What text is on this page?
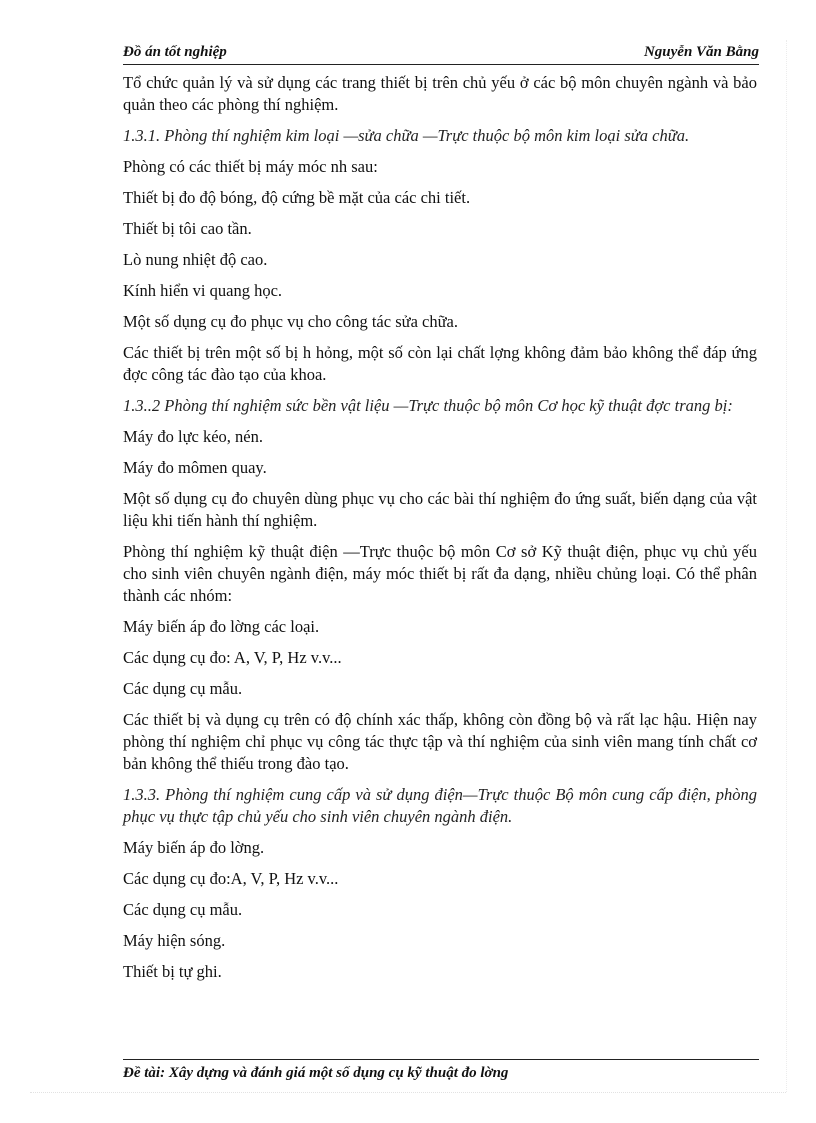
Đồ án tốt nghiệp	Nguyễn Văn Bằng

Tổ chức quản lý và sử dụng các trang thiết bị trên chủ yếu ở các bộ môn chuyên ngành và bảo quản theo các phòng thí nghiệm.

1.3.1. Phòng thí nghiệm kim loại —sửa chữa —Trực thuộc bộ môn kim loại sửa chữa.

Phòng có các thiết bị máy móc nh sau:

Thiết bị đo độ bóng, độ cứng bề mặt của các chi tiết.

Thiết bị tôi cao tần.

Lò nung nhiệt độ cao.

Kính hiển vi quang học.

Một số dụng cụ đo phục vụ cho công tác sửa chữa.

Các thiết bị trên một số bị h hỏng, một số còn lại chất lợng không đảm bảo không thể đáp ứng đợc công tác đào tạo của khoa.

1.3..2 Phòng thí nghiệm sức bền vật liệu —Trực thuộc bộ môn Cơ học kỹ thuật đợc trang bị:

Máy đo lực kéo, nén.

Máy đo mômen quay.

Một số dụng cụ đo chuyên dùng phục vụ cho các bài thí nghiệm đo ứng suất, biến dạng của vật liệu khi tiến hành thí nghiệm.

Phòng thí nghiệm kỹ thuật điện —Trực thuộc bộ môn Cơ sở Kỹ thuật điện, phục vụ chủ yếu cho sinh viên chuyên ngành điện, máy móc thiết bị rất đa dạng, nhiều chủng loại. Có thể phân thành các nhóm:

Máy biến áp đo lờng các loại.

Các dụng cụ đo: A, V, P, Hz v.v...

Các dụng cụ mẫu.

Các thiết bị và dụng cụ trên có độ chính xác thấp, không còn đồng bộ và rất lạc hậu. Hiện nay phòng thí nghiệm chỉ phục vụ công tác thực tập và thí nghiệm của sinh viên mang tính chất cơ bản không thể thiếu trong đào tạo.

1.3.3. Phòng thí nghiệm cung cấp và sử dụng điện—Trực thuộc Bộ môn cung cấp điện, phòng phục vụ thực tập chủ yếu cho sinh viên chuyên ngành điện.

Máy biến áp đo lờng.

Các dụng cụ đo:A, V, P, Hz v.v...

Các dụng cụ mẫu.

Máy hiện sóng.

Thiết bị tự ghi.

Đề tài: Xây dựng và đánh giá một số dụng cụ kỹ thuật đo lờng
